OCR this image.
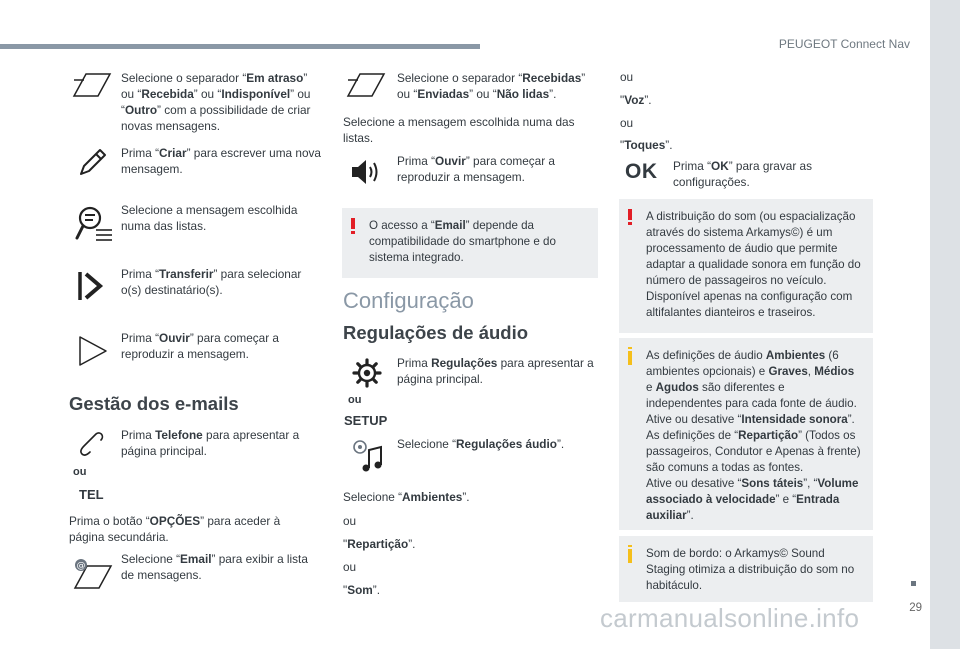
PEUGEOT Connect Nav
29
carmanualsonline.info
Selecione o separador “Em atraso” ou “Recebida” ou “Indisponível” ou “Outro” com a possibilidade de criar novas mensagens.
Prima “Criar” para escrever uma nova mensagem.
Selecione a mensagem escolhida numa das listas.
Prima “Transferir” para selecionar o(s) destinatário(s).
Prima “Ouvir” para começar a reproduzir a mensagem.
Gestão dos e-mails
ou
TEL
Prima Telefone para apresentar a página principal.
Prima o botão “OPÇÕES” para aceder à página secundária.
@	Selecione “Email” para exibir a lista de mensagens.
Selecione o separador “Recebidas” ou “Enviadas” ou “Não lidas”.
Selecione a mensagem escolhida numa das listas.
Prima “Ouvir” para começar a reproduzir a mensagem.
O acesso a “Email” depende da compatibilidade do smartphone e do sistema integrado.
Configuração
Regulações de áudio
ou
SETUP
Prima Regulações para apresentar a página principal.
Selecione “Regulações áudio”.
Selecione “Ambientes”.
ou
"Repartição”.
ou
"Som”.
ou
"Voz”.
ou
"Toques”.
OK Prima “OK” para gravar as configurações.
A distribuição do som (ou espacialização através do sistema Arkamys©) é um processamento de áudio que permite adaptar a qualidade sonora em função do número de passageiros no veículo. Disponível apenas na configuração com altifalantes dianteiros e traseiros.
As definições de áudio Ambientes (6 ambientes opcionais) e Graves, Médios e Agudos são diferentes e independentes para cada fonte de áudio.
Ative ou desative “Intensidade sonora”.
As definições de “Repartição” (Todos os passageiros, Condutor e Apenas à frente) são comuns a todas as fontes.
Ative ou desative “Sons táteis”, “Volume associado à velocidade” e “Entrada auxiliar”.
Som de bordo: o Arkamys© Sound Staging otimiza a distribuição do som no habitáculo.
